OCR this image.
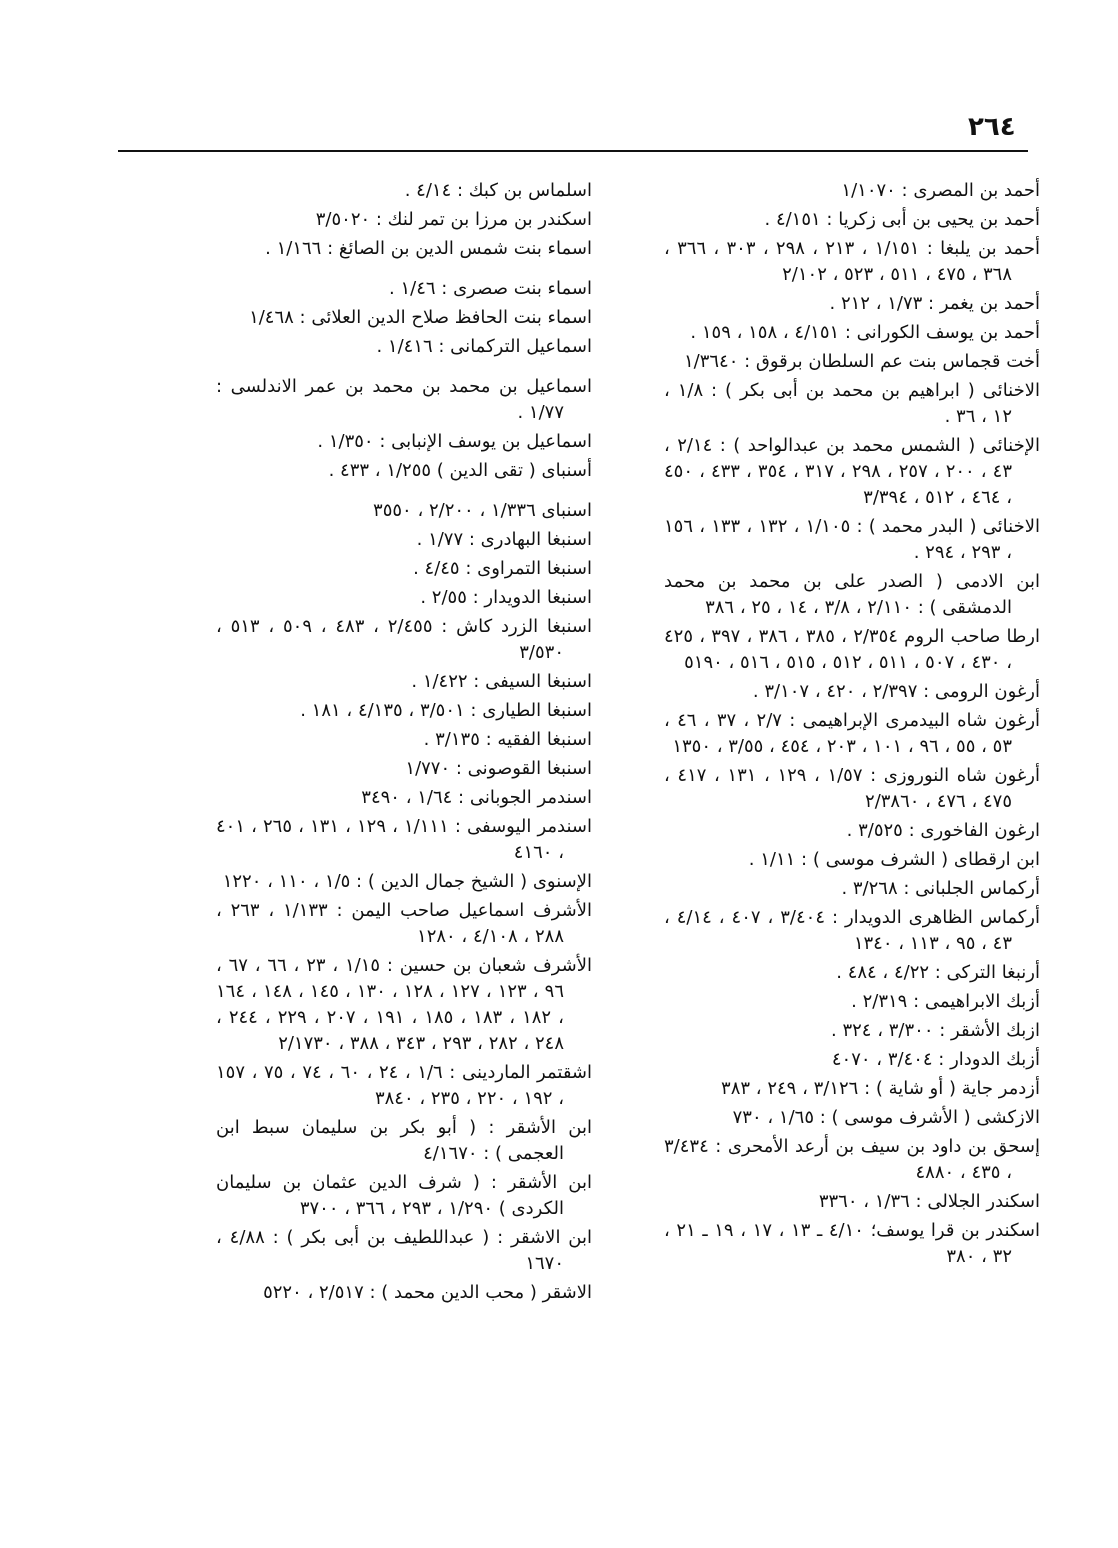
٢٦٤

أحمد بن المصرى : ١/١٠٧٠

أحمد بن يحيى بن أبى زكريا : ٤/١٥١ .

أحمد بن يلبغا : ١/١٥١ ، ٢١٣ ، ٢٩٨ ، ٣٠٣ ، ٣٦٦ ، ٣٦٨ ، ٤٧٥ ، ٥١١ ، ٥٢٣ ، ٢/١٠٢

أحمد بن يغمر : ١/٧٣ ، ٢١٢ .

أحمد بن يوسف الكورانى : ٤/١٥١ ، ١٥٨ ، ١٥٩ .

أخت قجماس بنت عم السلطان برقوق : ١/٣٦٤٠

الاخنائى ( ابراهيم بن محمد بن أبى بكر ) : ١/٨ ، ١٢ ، ٣٦ .

الإخنائى ( الشمس محمد بن عبدالواحد ) : ٢/١٤ ، ٤٣ ، ٢٠٠ ، ٢٥٧ ، ٢٩٨ ، ٣١٧ ، ٣٥٤ ، ٤٣٣ ، ٤٥٠ ، ٤٦٤ ، ٥١٢ ، ٣/٣٩٤

الاخنائى ( البدر محمد ) : ١/١٠٥ ، ١٣٢ ، ١٣٣ ، ١٥٦ ، ٢٩٣ ، ٢٩٤ .

ابن الادمى ( الصدر على بن محمد بن محمد الدمشقى ) : ٢/١١٠ ، ٣/٨ ، ١٤ ، ٢٥ ، ٣٨٦

ارطا صاحب الروم ٢/٣٥٤ ، ٣٨٥ ، ٣٨٦ ، ٣٩٧ ، ٤٢٥ ، ٤٣٠ ، ٥٠٧ ، ٥١١ ، ٥١٢ ، ٥١٥ ، ٥١٦ ، ٥١٩٠

أرغون الرومى : ٢/٣٩٧ ، ٤٢٠ ، ٣/١٠٧ .

أرغون شاه البيدمرى الإبراهيمى : ٢/٧ ، ٣٧ ، ٤٦ ، ٥٣ ، ٥٥ ، ٩٦ ، ١٠١ ، ٢٠٣ ، ٤٥٤ ، ٣/٥٥ ، ١٣٥٠

أرغون شاه النوروزى : ١/٥٧ ، ١٢٩ ، ١٣١ ، ٤١٧ ، ٤٧٥ ، ٤٧٦ ، ٢/٣٨٦٠

ارغون الفاخورى : ٣/٥٢٥ .

ابن ارقطاى ( الشرف موسى ) : ١/١١ .

أركماس الجلبانى : ٣/٢٦٨ .

أركماس الظاهرى الدويدار : ٣/٤٠٤ ، ٤٠٧ ، ٤/١٤ ، ٤٣ ، ٩٥ ، ١١٣ ، ١٣٤٠

أرنبغا التركى : ٤/٢٢ ، ٤٨٤ .

أزبك الابراهيمى : ٢/٣١٩ .

ازبك الأشقر : ٣/٣٠٠ ، ٣٢٤ .

أزبك الدودار : ٣/٤٠٤ ، ٤٠٧٠

أزدمر جاية ( أو شاية ) : ٣/١٢٦ ، ٢٤٩ ، ٣٨٣

الازكشى ( الأشرف موسى ) : ١/٦٥ ، ٧٣٠

إسحق بن داود بن سيف بن أرعد الأمحرى : ٣/٤٣٤ ، ٤٣٥ ، ٤٨٨٠

اسكندر الجلالى : ١/٣٦ ، ٣٣٦٠

اسكندر بن قرا يوسف؛ ٤/١٠ ـ ١٣ ، ١٧ ، ١٩ ـ ٢١ ، ٣٢ ، ٣٨٠

اسلماس بن كبك : ٤/١٤ .

اسكندر بن مرزا بن تمر لنك : ٣/٥٠٢٠

اسماء بنت شمس الدين بن الصائغ : ١/١٦٦ .

اسماء بنت صصرى : ١/٤٦ .

اسماء بنت الحافظ صلاح الدين العلائى : ١/٤٦٨

اسماعيل التركمانى : ١/٤١٦ .

اسماعيل بن محمد بن محمد بن عمر الاندلسى : ١/٧٧ .

اسماعيل بن يوسف الإنبابى : ١/٣٥٠ .

أسنباى ( تقى الدين ) ١/٢٥٥ ، ٤٣٣ .

اسنباى ١/٣٣٦ ، ٢/٢٠٠ ، ٣٥٥٠

اسنبغا البهادرى : ١/٧٧ .

اسنبغا التمراوى : ٤/٤٥ .

اسنبغا الدويدار : ٢/٥٥ .

اسنبغا الزرد كاش : ٢/٤٥٥ ، ٤٨٣ ، ٥٠٩ ، ٥١٣ ، ٣/٥٣٠

اسنبغا السيفى : ١/٤٢٢ .

اسنبغا الطيارى : ٣/٥٠١ ، ٤/١٣٥ ، ١٨١ .

اسنبغا الفقيه : ٣/١٣٥ .

اسنبغا القوصونى : ١/٧٧٠

اسندمر الجوبانى : ١/٦٤ ، ٣٤٩٠

اسندمر اليوسفى : ١/١١١ ، ١٢٩ ، ١٣١ ، ٢٦٥ ، ٤٠١ ، ٤١٦٠

الإسنوى ( الشيخ جمال الدين ) : ١/٥ ، ١١٠ ، ١٢٢٠

الأشرف اسماعيل صاحب اليمن : ١/١٣٣ ، ٢٦٣ ، ٢٨٨ ، ٤/١٠٨ ، ١٢٨٠

الأشرف شعبان بن حسين : ١/١٥ ، ٢٣ ، ٦٦ ، ٦٧ ، ٩٦ ، ١٢٣ ، ١٢٧ ، ١٢٨ ، ١٣٠ ، ١٤٥ ، ١٤٨ ، ١٦٤ ، ١٨٢ ، ١٨٣ ، ١٨٥ ، ١٩١ ، ٢٠٧ ، ٢٢٩ ، ٢٤٤ ، ٢٤٨ ، ٢٨٢ ، ٢٩٣ ، ٣٤٣ ، ٣٨٨ ، ٢/١٧٣٠

اشقتمر الماردينى : ١/٦ ، ٢٤ ، ٦٠ ، ٧٤ ، ٧٥ ، ١٥٧ ، ١٩٢ ، ٢٢٠ ، ٢٣٥ ، ٣٨٤٠

ابن الأشقر : ( أبو بكر بن سليمان سبط ابن العجمى ) : ٤/١٦٧٠

ابن الأشقر : ( شرف الدين عثمان بن سليمان الكردى ) ١/٢٩٠ ، ٢٩٣ ، ٣٦٦ ، ٣٧٠٠

ابن الاشقر : ( عبداللطيف بن أبى بكر ) : ٤/٨٨ ، ١٦٧٠

الاشقر ( محب الدين محمد ) : ٢/٥١٧ ، ٥٢٢٠
